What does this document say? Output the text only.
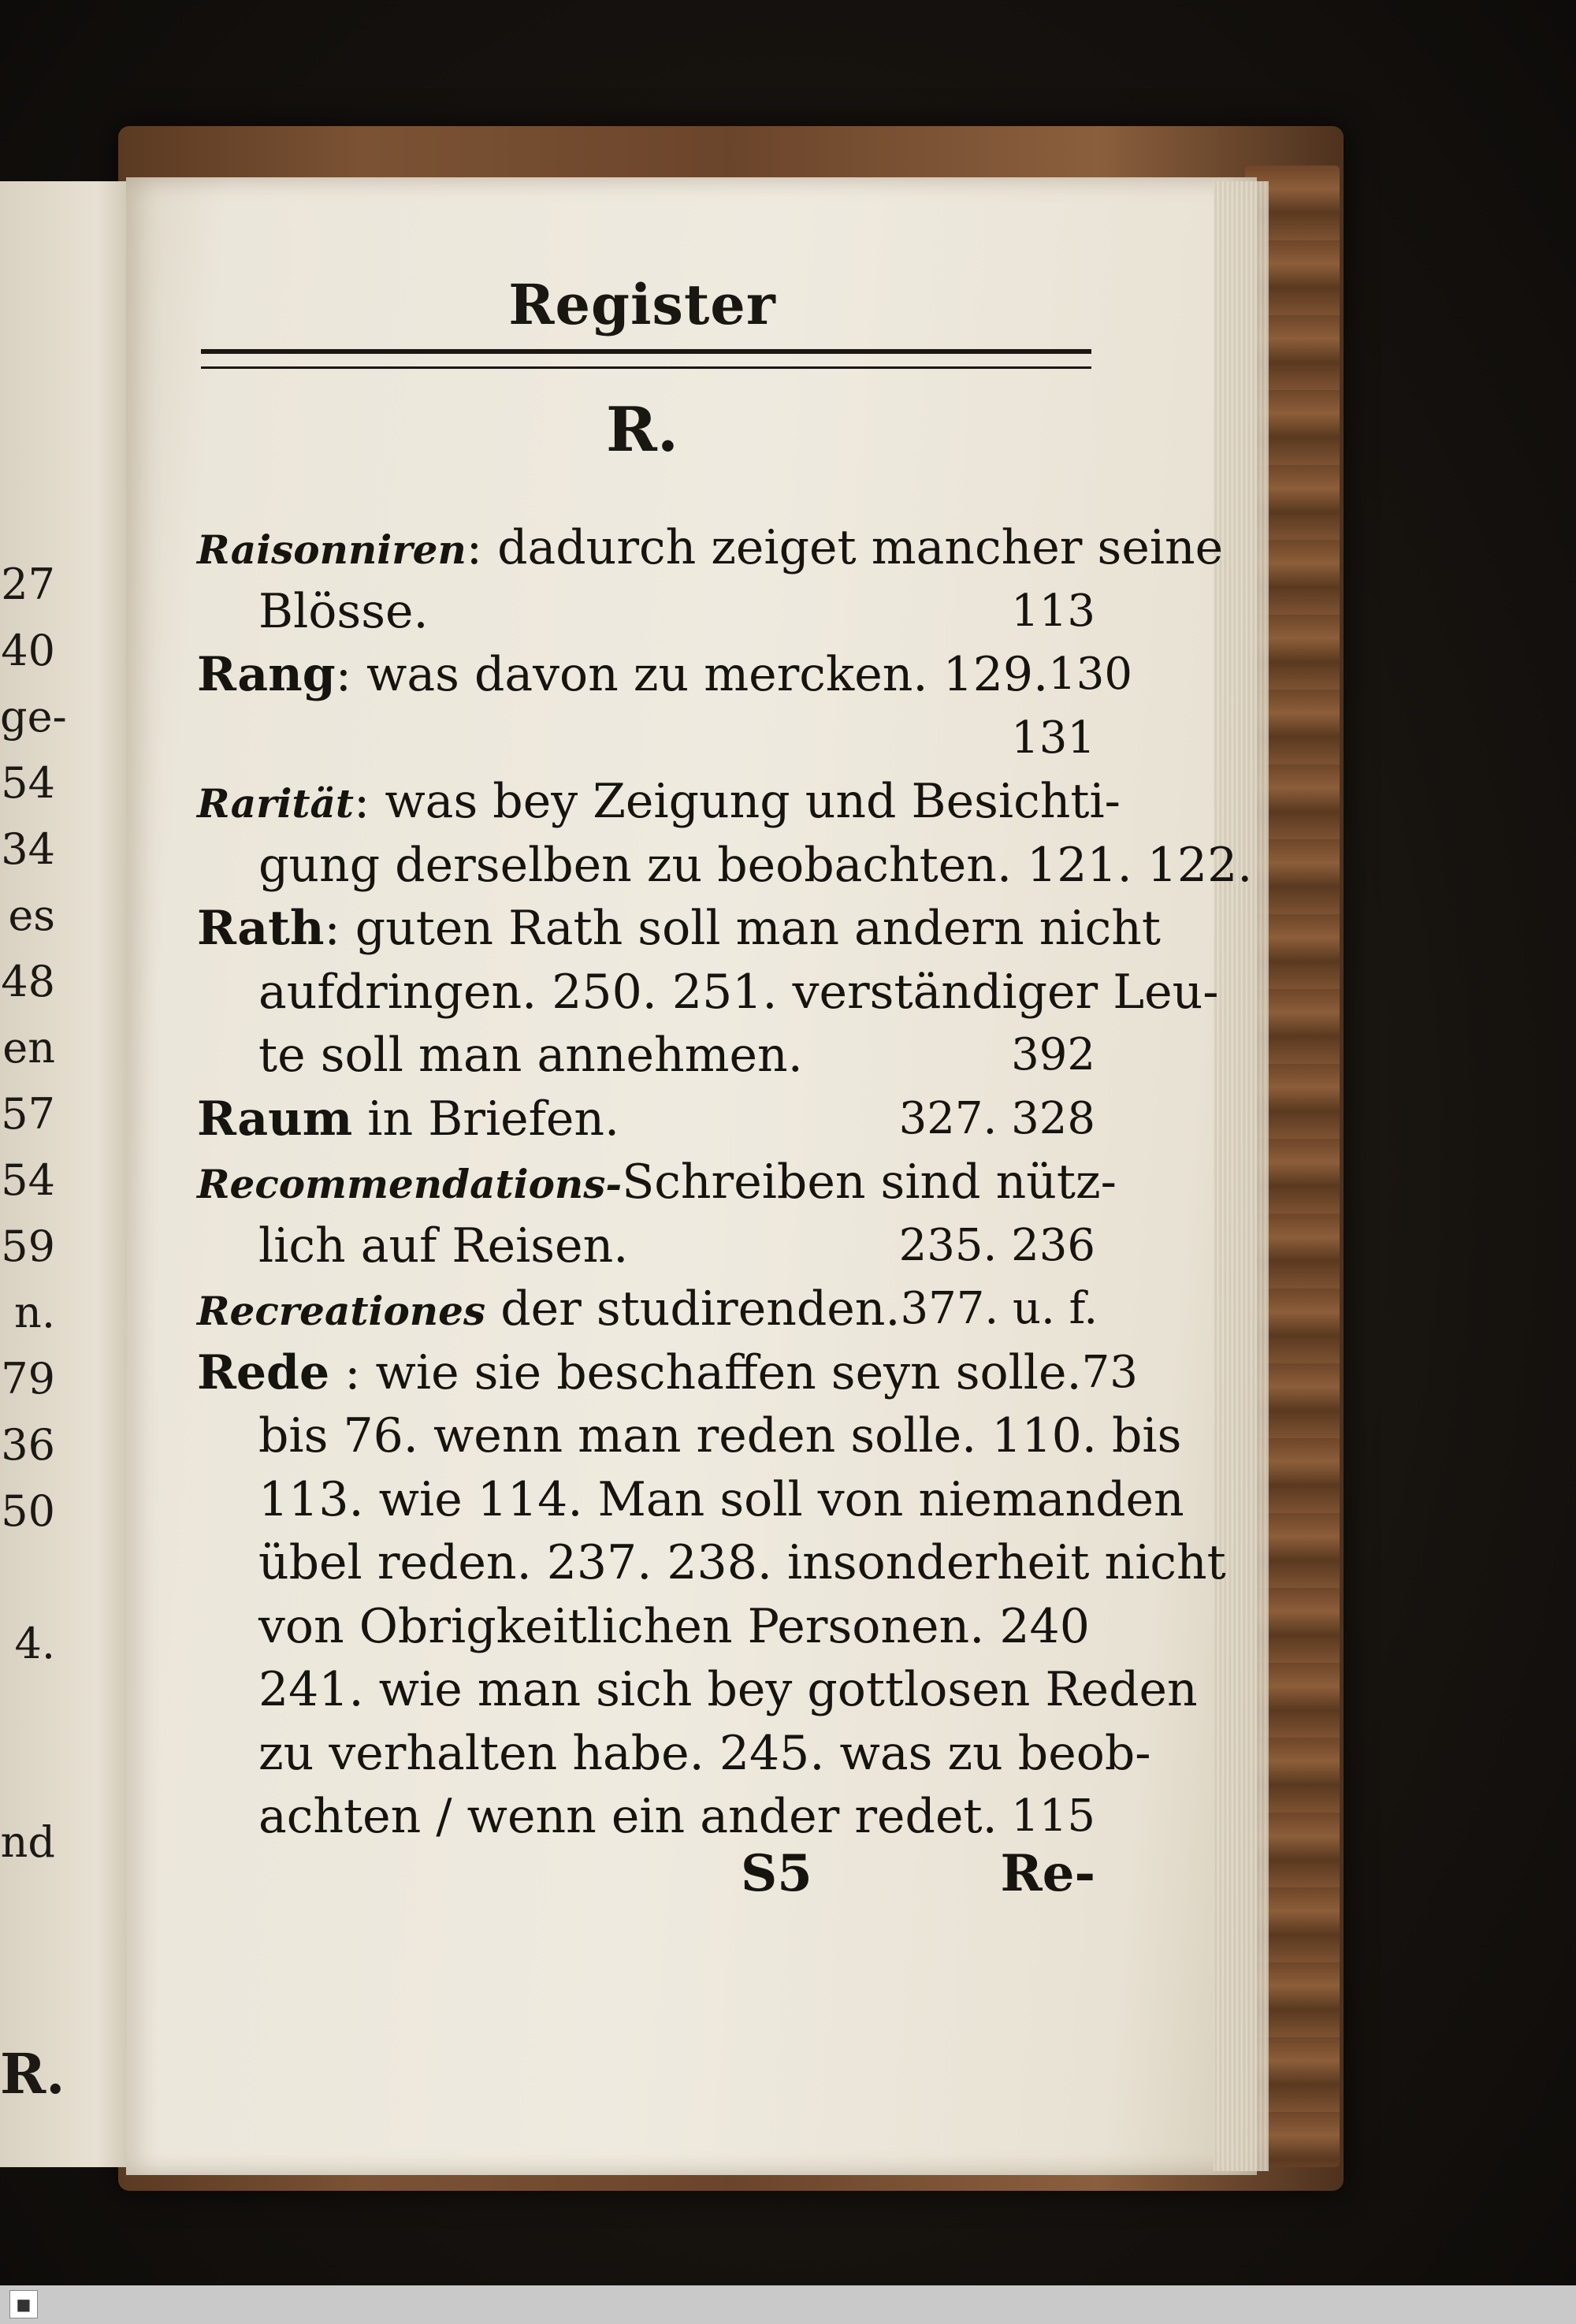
27
40
ge-
54
34
es
48
en
57
54
59
n.
79
36
50
4.
nd
R.
Register
R.
Raisonniren: dadurch zeiget mancher seine
Blösse.	113
Rang: was davon zu mercken. 129. 130
131
Rarität: was bey Zeigung und Besichti-
gung derselben zu beobachten. 121. 122.
Rath: guten Rath soll man andern nicht
aufdringen. 250. 251. verständiger Leu-
te soll man annehmen.	392
Raum in Briefen.	327. 328
Recommendations-Schreiben sind nütz-
lich auf Reisen.	235. 236
Recreationes der studirenden. 377. u. f.
Rede : wie sie beschaffen seyn solle. 73
bis 76. wenn man reden solle. 110. bis
113. wie 114. Man soll von niemanden
übel reden. 237. 238. insonderheit nicht
von Obrigkeitlichen Personen. 240
241. wie man sich bey gottlosen Reden
zu verhalten habe. 245. was zu beob-
achten / wenn ein ander redet. 115
S5	Re-
■
